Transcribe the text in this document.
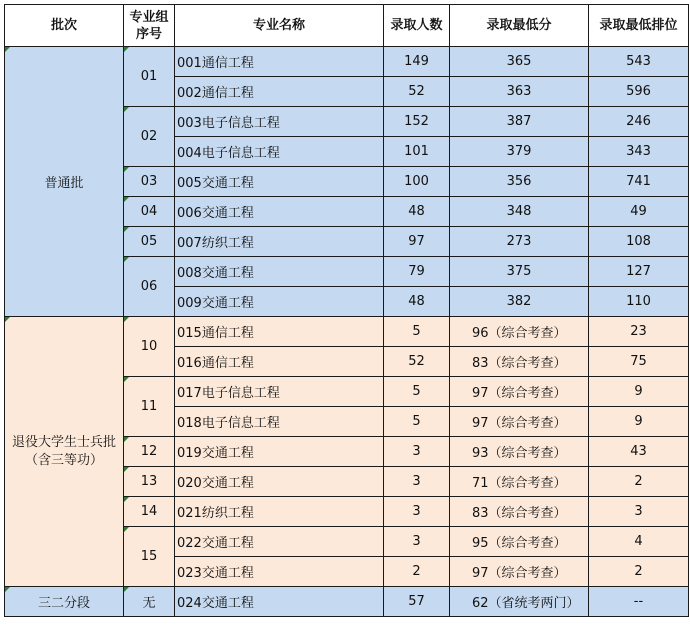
批次	专业组序号	专业名称	录取人数	录取最低分	录取最低排位
普通批	01	001通信工程	149	365	543
		002通信工程	52	363	596
	02	003电子信息工程	152	387	246
		004电子信息工程	101	379	343
	03	005交通工程	100	356	741
	04	006交通工程	48	348	49
	05	007纺织工程	97	273	108
	06	008交通工程	79	375	127
		009交通工程	48	382	110
退役大学生士兵批（含三等功）	10	015通信工程	5	96（综合考查）	23
		016通信工程	52	83（综合考查）	75
	11	017电子信息工程	5	97（综合考查）	9
		018电子信息工程	5	97（综合考查）	9
	12	019交通工程	3	93（综合考查）	43
	13	020交通工程	3	71（综合考查）	2
	14	021纺织工程	3	83（综合考查）	3
	15	022交通工程	3	95（综合考查）	4
		023交通工程	2	97（综合考查）	2
三二分段	无	024交通工程	57	62（省统考两门）	--
